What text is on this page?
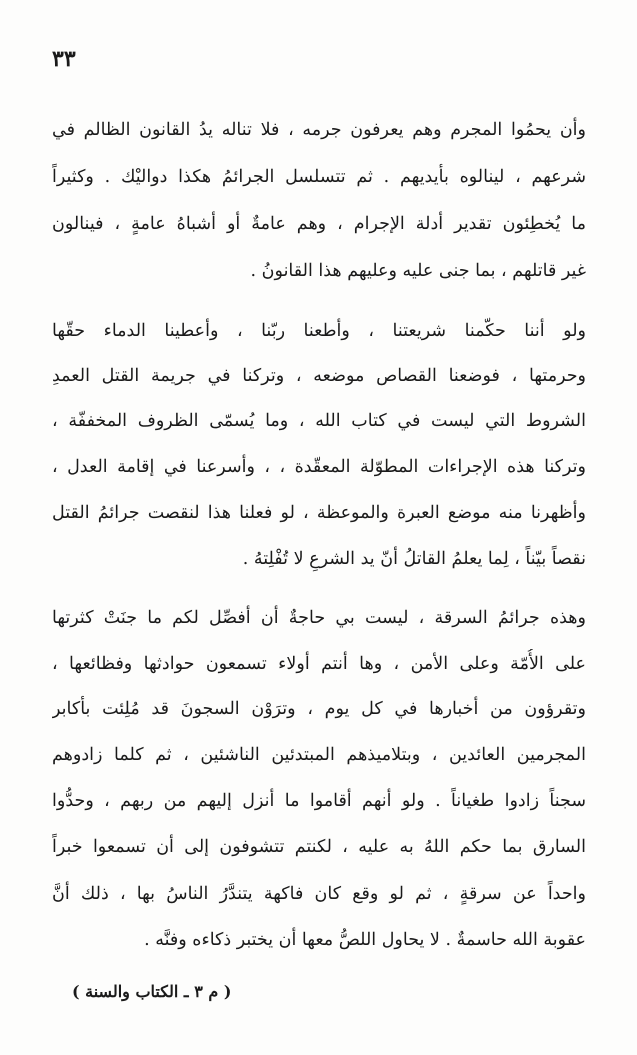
٣٣
وأن يحمُوا المجرم وهم يعرفون جرمه ، فلا تناله يدُ القانون الظالم في
شرعهم ، لينالوه بأيديهم . ثم تتسلسل الجرائمُ هكذا دواليْك . وكثيراً
ما يُخطِئون تقدير أدلة الإجرام ، وهم عامةٌ أو أشباهُ عامةٍ ، فينالون
غير قاتلهم ، بما جنى عليه وعليهم هذا القانونُ .
ولو أننا حكّمنا شريعتنا ، وأطعنا ربّنا ، وأعطينا الدماء حقّها
وحرمتها ، فوضعنا القصاص موضعه ، وتركنا في جريمة القتل العمدِ
الشروط التي ليست في كتاب الله ، وما يُسمّى الظروف المخففّة ،
وتركنا هذه الإجراءات المطوّلة المعقّدة ، ، وأسرعنا في إقامة العدل ،
وأظهرنا منه موضع العبرة والموعظة ، لو فعلنا هذا لنقصت جرائمُ القتل
نقصاً بيّناً ، لِما يعلمُ القاتلُ أنّ يد الشرعِ لا تُفْلِتهُ .
وهذه جرائمُ السرقة ، ليست بي حاجةٌ أن أفصِّل لكم ما جنَتْ كثرتها
على الأُمّة وعلى الأمن ، وها أنتم أولاء تسمعون حوادثها وفظائعها ،
وتقرؤون من أخبارها في كل يوم ، وترَوْن السجونَ قد مُلِئت بأكابر
المجرمين العائدين ، وبتلاميذهم المبتدئين الناشئين ، ثم كلما زادوهم
سجناً زادوا طغياناً . ولو أنهم أقاموا ما أنزل إليهم من ربهم ، وحدُّوا
السارق بما حكم اللهُ به عليه ، لكنتم تتشوفون إلى أن تسمعوا خبراً
واحداً عن سرقةٍ ، ثم لو وقع كان فاكهة يتندَّرُ الناسُ بها ، ذلك أنَّ
عقوبة الله حاسمةٌ . لا يحاول اللصُّ معها أن يختبر ذكاءه وفنَّه .
( م ٣ ـ الكتاب والسنة )
